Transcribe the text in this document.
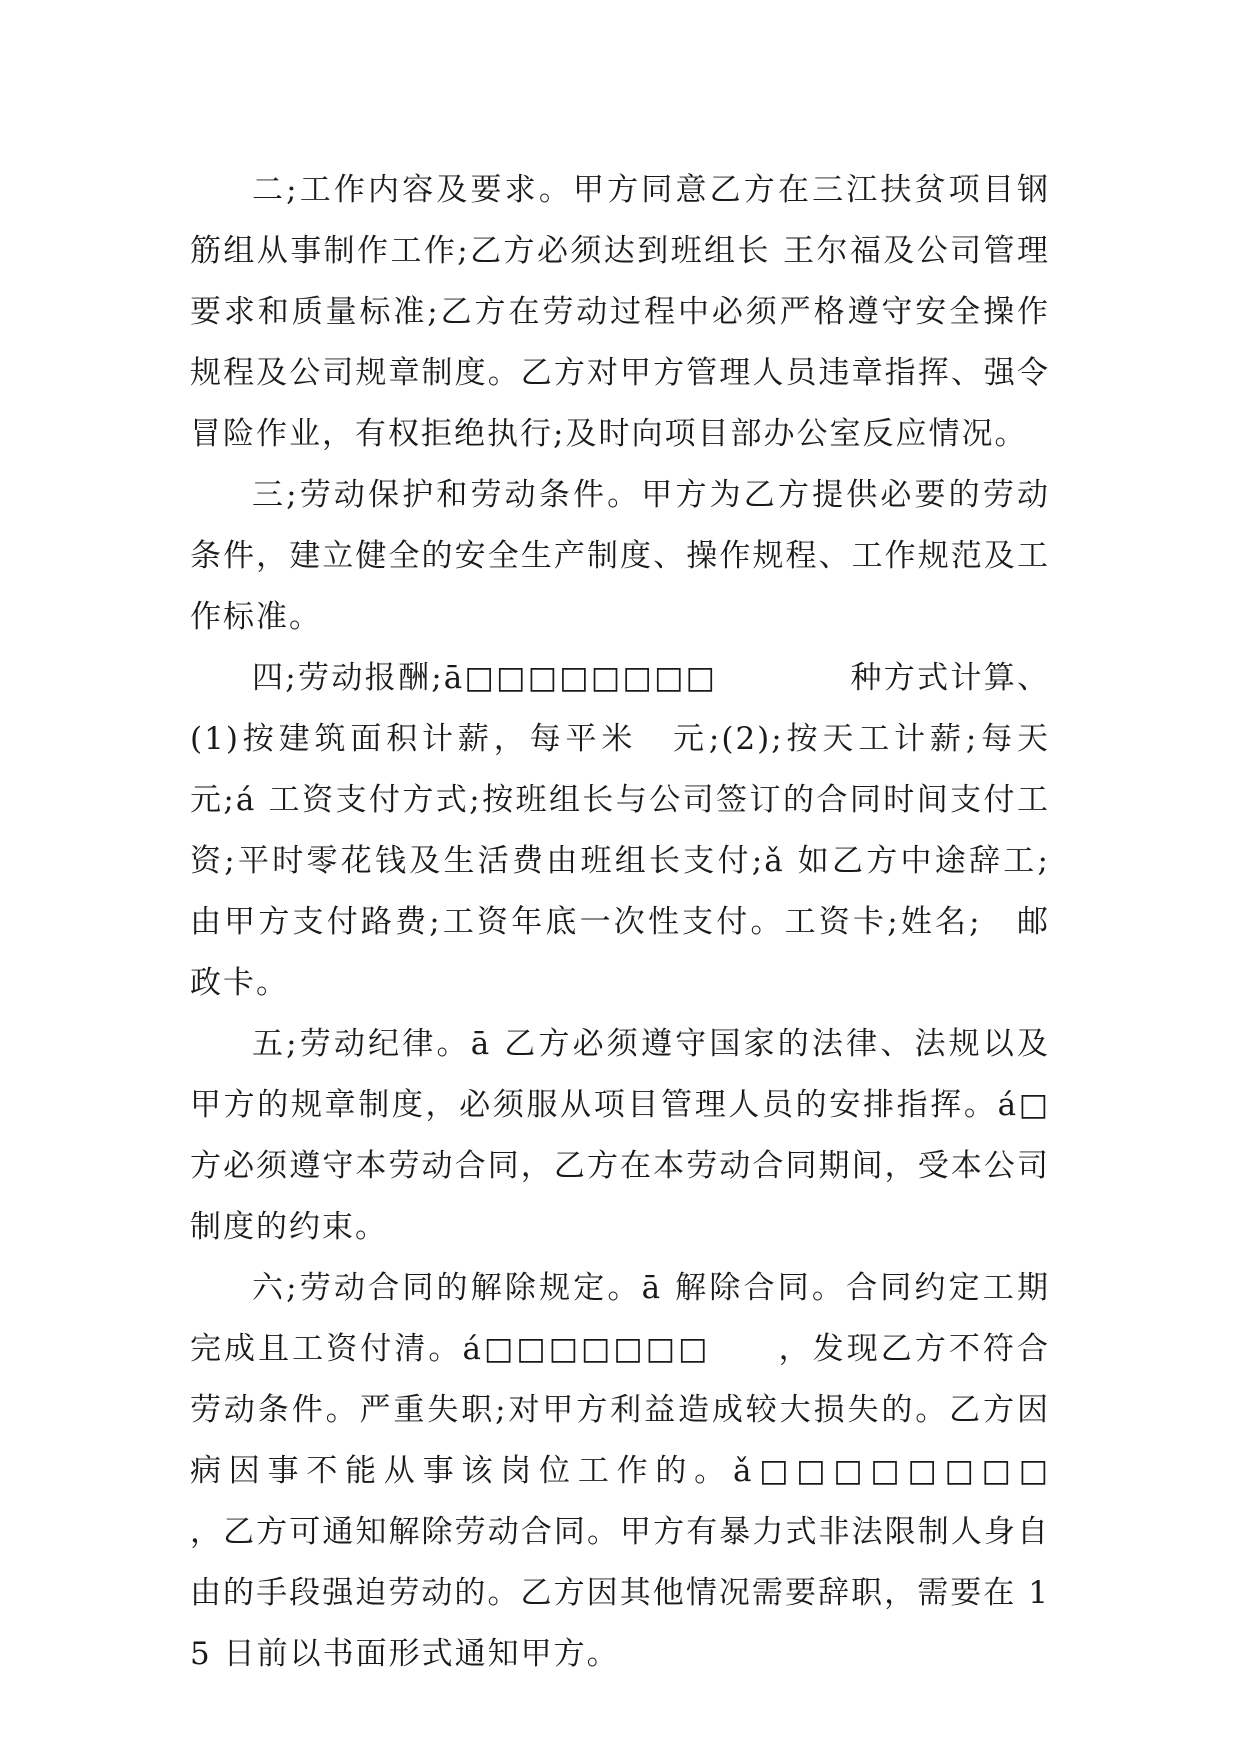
二;工作内容及要求。甲方同意乙方在三江扶贫项目钢筋组从事制作工作;乙方必须达到班组长 王尔福及公司管理要求和质量标准;乙方在劳动过程中必须严格遵守安全操作规程及公司规章制度。乙方对甲方管理人员违章指挥、强令冒险作业，有权拒绝执行;及时向项目部办公室反应情况。

三;劳动保护和劳动条件。甲方为乙方提供必要的劳动条件，建立健全的安全生产制度、操作规程、工作规范及工作标准。

四;劳动报酬;ā□□□□□□□□　　　　种方式计算、(1)按建筑面积计薪，每平米　元;(2);按天工计薪;每天　元;á 工资支付方式;按班组长与公司签订的合同时间支付工资;平时零花钱及生活费由班组长支付;ǎ 如乙方中途辞工;由甲方支付路费;工资年底一次性支付。工资卡;姓名;　邮政卡。

五;劳动纪律。ā 乙方必须遵守国家的法律、法规以及甲方的规章制度，必须服从项目管理人员的安排指挥。á□方必须遵守本劳动合同，乙方在本劳动合同期间，受本公司制度的约束。

六;劳动合同的解除规定。ā 解除合同。合同约定工期完成且工资付清。á□□□□□□□　　，发现乙方不符合劳动条件。严重失职;对甲方利益造成较大损失的。乙方因病因事不能从事该岗位工作的。ǎ□□□□□□□□　　　，乙方可通知解除劳动合同。甲方有暴力式非法限制人身自由的手段强迫劳动的。乙方因其他情况需要辞职，需要在 15 日前以书面形式通知甲方。
